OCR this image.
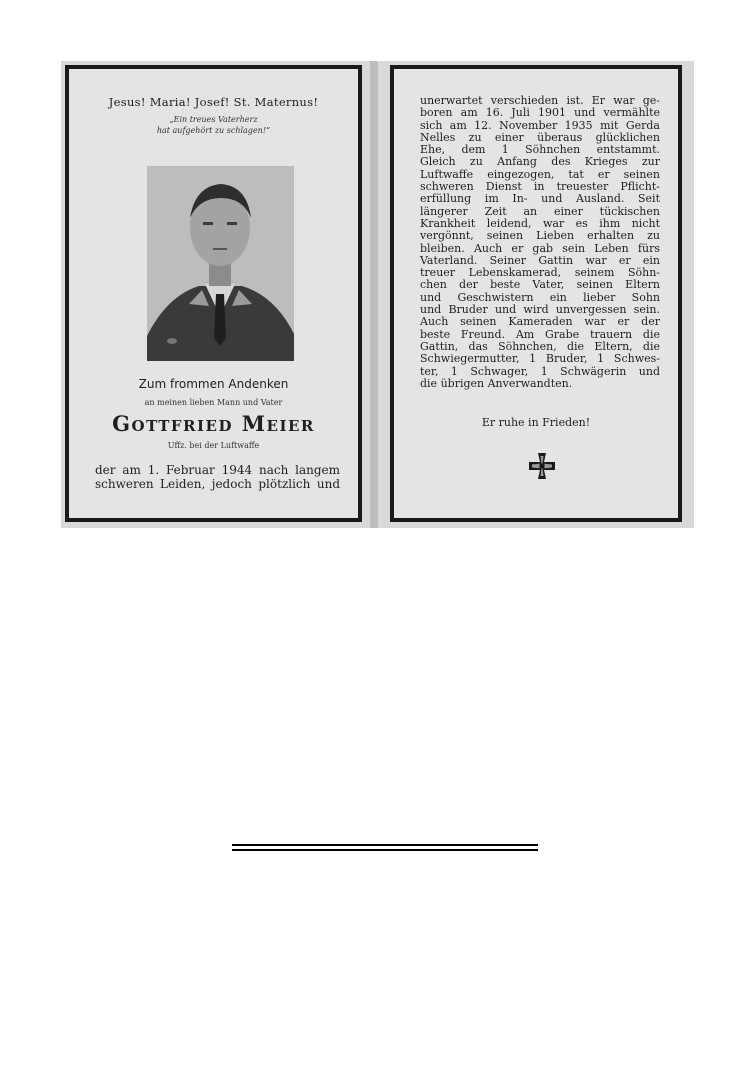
Jesus! Maria! Josef! St. Maternus!
„Ein treues Vaterherz
hat aufgehört zu schlagen!“
Zum frommen Andenken
an meinen lieben Mann und Vater
Gottfried Meier
Uffz. bei der Luftwaffe
der am 1. Februar 1944 nach langem
schweren Leiden, jedoch plötzlich und
unerwartet verschieden ist. Er war ge-
boren am 16. Juli 1901 und vermählte
sich am 12. November 1935 mit Gerda
Nelles zu einer überaus glücklichen
Ehe, dem 1 Söhnchen entstammt.
Gleich zu Anfang des Krieges zur
Luftwaffe eingezogen, tat er seinen
schweren Dienst in treuester Pflicht-
erfüllung im In- und Ausland. Seit
längerer Zeit an einer tückischen
Krankheit leidend, war es ihm nicht
vergönnt, seinen Lieben erhalten zu
bleiben. Auch er gab sein Leben fürs
Vaterland. Seiner Gattin war er ein
treuer Lebenskamerad, seinem Söhn-
chen der beste Vater, seinen Eltern
und Geschwistern ein lieber Sohn
und Bruder und wird unvergessen sein.
Auch seinen Kameraden war er der
beste Freund. Am Grabe trauern die
Gattin, das Söhnchen, die Eltern, die
Schwiegermutter, 1 Bruder, 1 Schwes-
ter, 1 Schwager, 1 Schwägerin und
die übrigen Anverwandten.
Er ruhe in Frieden!
